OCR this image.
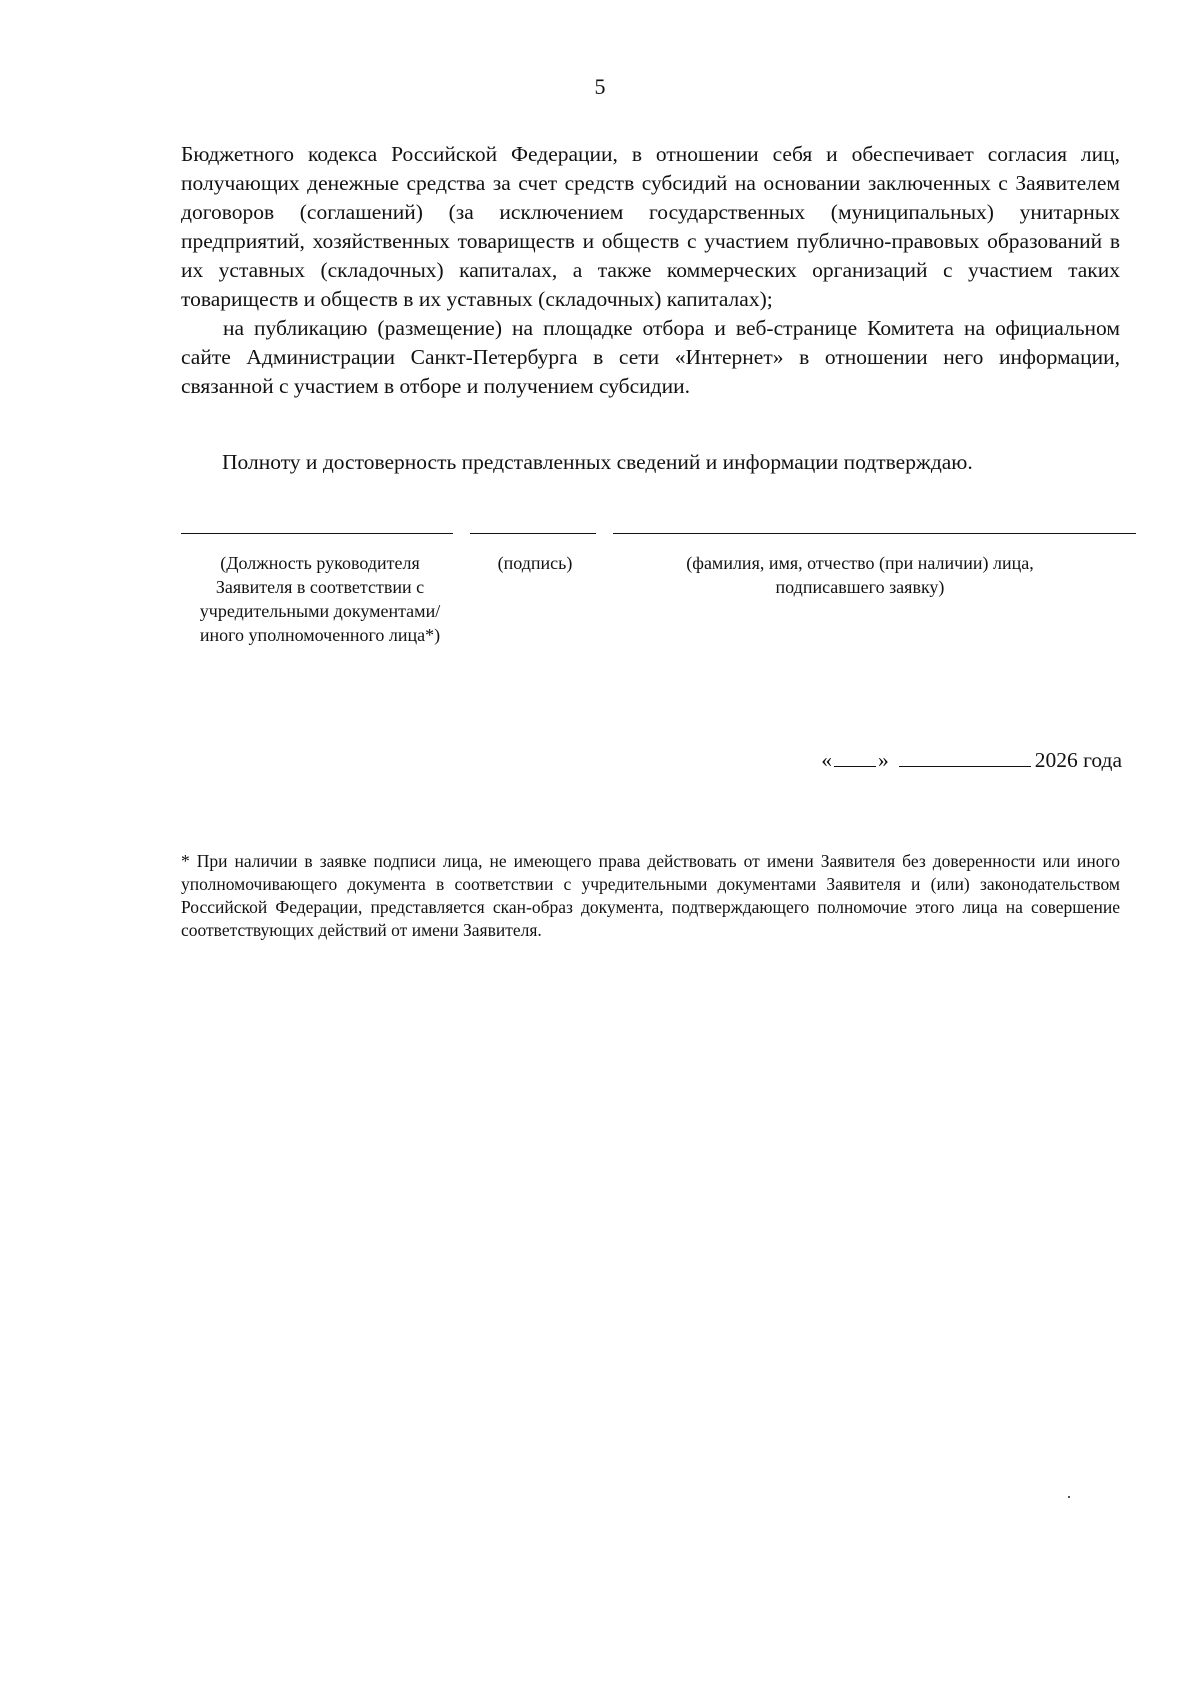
5

Бюджетного кодекса Российской Федерации, в отношении себя и обеспечивает согласия лиц, получающих денежные средства за счет средств субсидий на основании заключенных с Заявителем договоров (соглашений) (за исключением государственных (муниципальных) унитарных предприятий, хозяйственных товариществ и обществ с участием публично-правовых образований в их уставных (складочных) капиталах, а также коммерческих организаций с участием таких товариществ и обществ в их уставных (складочных) капиталах);

на публикацию (размещение) на площадке отбора и веб-странице Комитета на официальном сайте Администрации Санкт-Петербурга в сети «Интернет» в отношении него информации, связанной с участием в отборе и получением субсидии.

Полноту и достоверность представленных сведений и информации подтверждаю.
(Должность руководителя Заявителя в соответствии с учредительными документами/ иного уполномоченного лица*)
(подпись)	(фамилия, имя, отчество (при наличии) лица, подписавшего заявку)
« »	2026 года

* При наличии в заявке подписи лица, не имеющего права действовать от имени Заявителя без доверенности или иного уполномочивающего документа в соответствии с учредительными документами Заявителя и (или) законодательством Российской Федерации, представляется скан-образ документа, подтверждающего полномочие этого лица на совершение соответствующих действий от имени Заявителя.
